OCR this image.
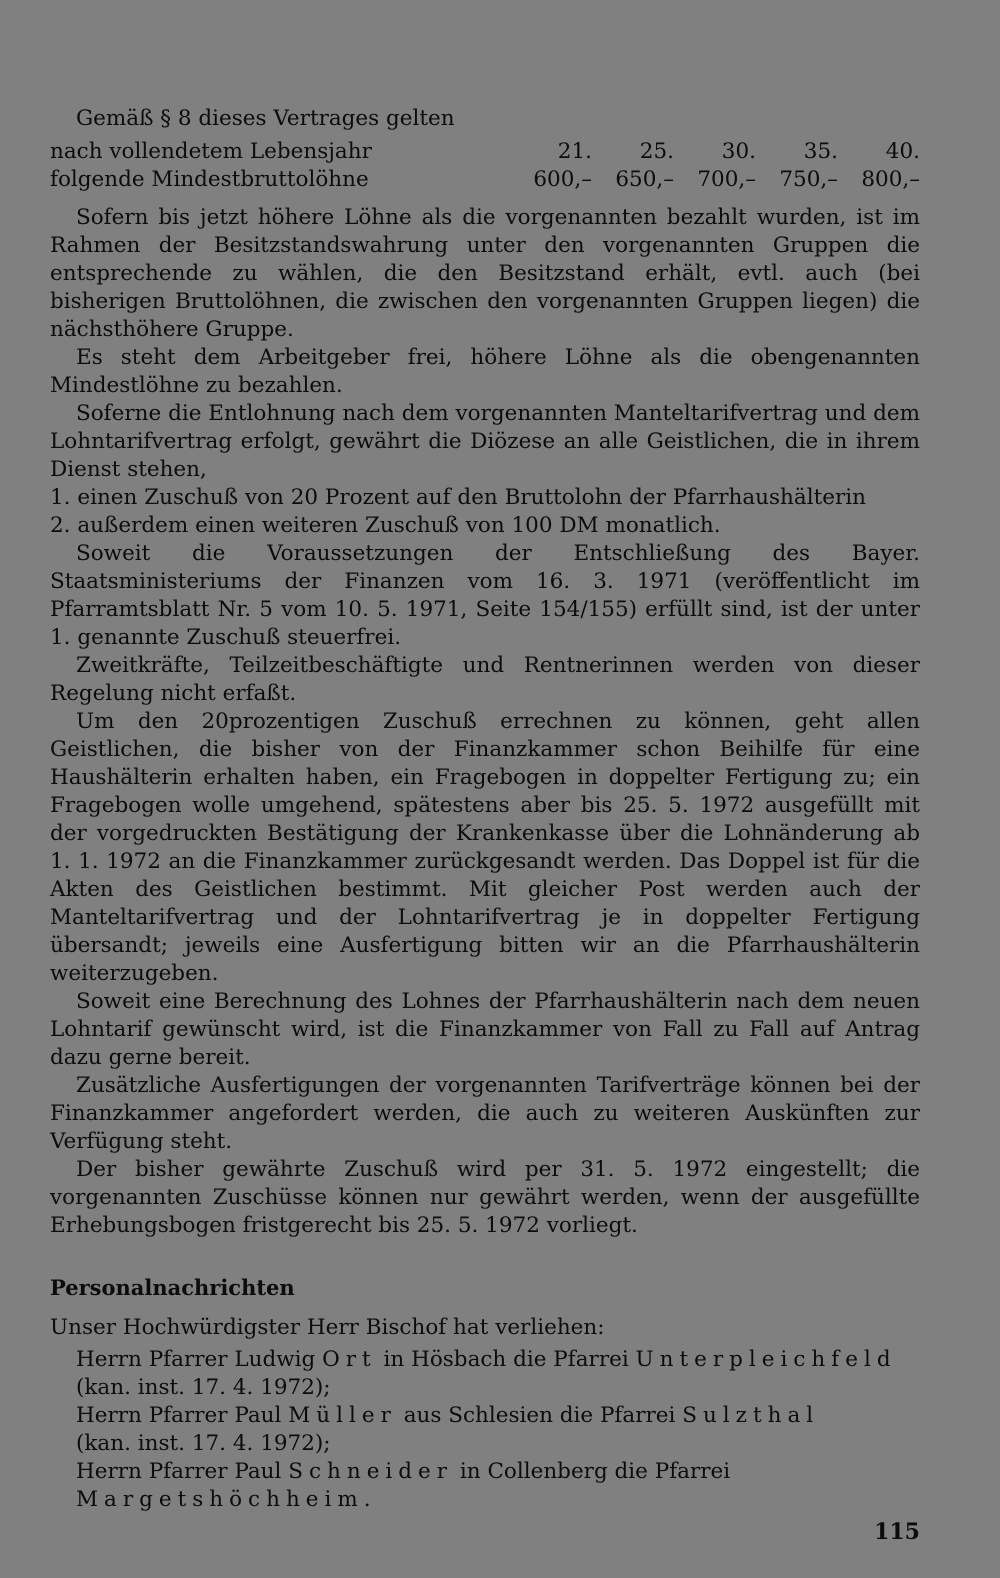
Gemäß § 8 dieses Vertrages gelten

nach vollendetem Lebensjahr	21.	25.	30.	35.	40.
folgende Mindestbruttolöhne	600,–	650,–	700,–	750,–	800,–

Sofern bis jetzt höhere Löhne als die vorgenannten bezahlt wurden, ist im Rahmen der Besitzstandswahrung unter den vorgenannten Gruppen die entsprechende zu wählen, die den Besitzstand erhält, evtl. auch (bei bisherigen Bruttolöhnen, die zwischen den vorgenannten Gruppen liegen) die nächsthöhere Gruppe.

Es steht dem Arbeitgeber frei, höhere Löhne als die obengenannten Mindestlöhne zu bezahlen.

Soferne die Entlohnung nach dem vorgenannten Manteltarifvertrag und dem Lohntarifvertrag erfolgt, gewährt die Diözese an alle Geistlichen, die in ihrem Dienst stehen,

1. einen Zuschuß von 20 Prozent auf den Bruttolohn der Pfarrhaushälterin

2. außerdem einen weiteren Zuschuß von 100 DM monatlich.

Soweit die Voraussetzungen der Entschließung des Bayer. Staatsministeriums der Finanzen vom 16. 3. 1971 (veröffentlicht im Pfarramtsblatt Nr. 5 vom 10. 5. 1971, Seite 154/155) erfüllt sind, ist der unter 1. genannte Zuschuß steuerfrei.

Zweitkräfte, Teilzeitbeschäftigte und Rentnerinnen werden von dieser Regelung nicht erfaßt.

Um den 20prozentigen Zuschuß errechnen zu können, geht allen Geistlichen, die bisher von der Finanzkammer schon Beihilfe für eine Haushälterin erhalten haben, ein Fragebogen in doppelter Fertigung zu; ein Fragebogen wolle umgehend, spätestens aber bis 25. 5. 1972 ausgefüllt mit der vorgedruckten Bestätigung der Krankenkasse über die Lohnänderung ab 1. 1. 1972 an die Finanzkammer zurückgesandt werden. Das Doppel ist für die Akten des Geistlichen bestimmt. Mit gleicher Post werden auch der Manteltarifvertrag und der Lohntarifvertrag je in doppelter Fertigung übersandt; jeweils eine Ausfertigung bitten wir an die Pfarrhaushälterin weiterzugeben.

Soweit eine Berechnung des Lohnes der Pfarrhaushälterin nach dem neuen Lohntarif gewünscht wird, ist die Finanzkammer von Fall zu Fall auf Antrag dazu gerne bereit.

Zusätzliche Ausfertigungen der vorgenannten Tarifverträge können bei der Finanzkammer angefordert werden, die auch zu weiteren Auskünften zur Verfügung steht.

Der bisher gewährte Zuschuß wird per 31. 5. 1972 eingestellt; die vorgenannten Zuschüsse können nur gewährt werden, wenn der ausgefüllte Erhebungsbogen fristgerecht bis 25. 5. 1972 vorliegt.

Personalnachrichten

Unser Hochwürdigster Herr Bischof hat verliehen:

Herrn Pfarrer Ludwig Ort in Hösbach die Pfarrei Unterpleichfeld
(kan. inst. 17. 4. 1972);

Herrn Pfarrer Paul Müller aus Schlesien die Pfarrei Sulzthal
(kan. inst. 17. 4. 1972);

Herrn Pfarrer Paul Schneider in Collenberg die Pfarrei Margetshöchheim.

115
